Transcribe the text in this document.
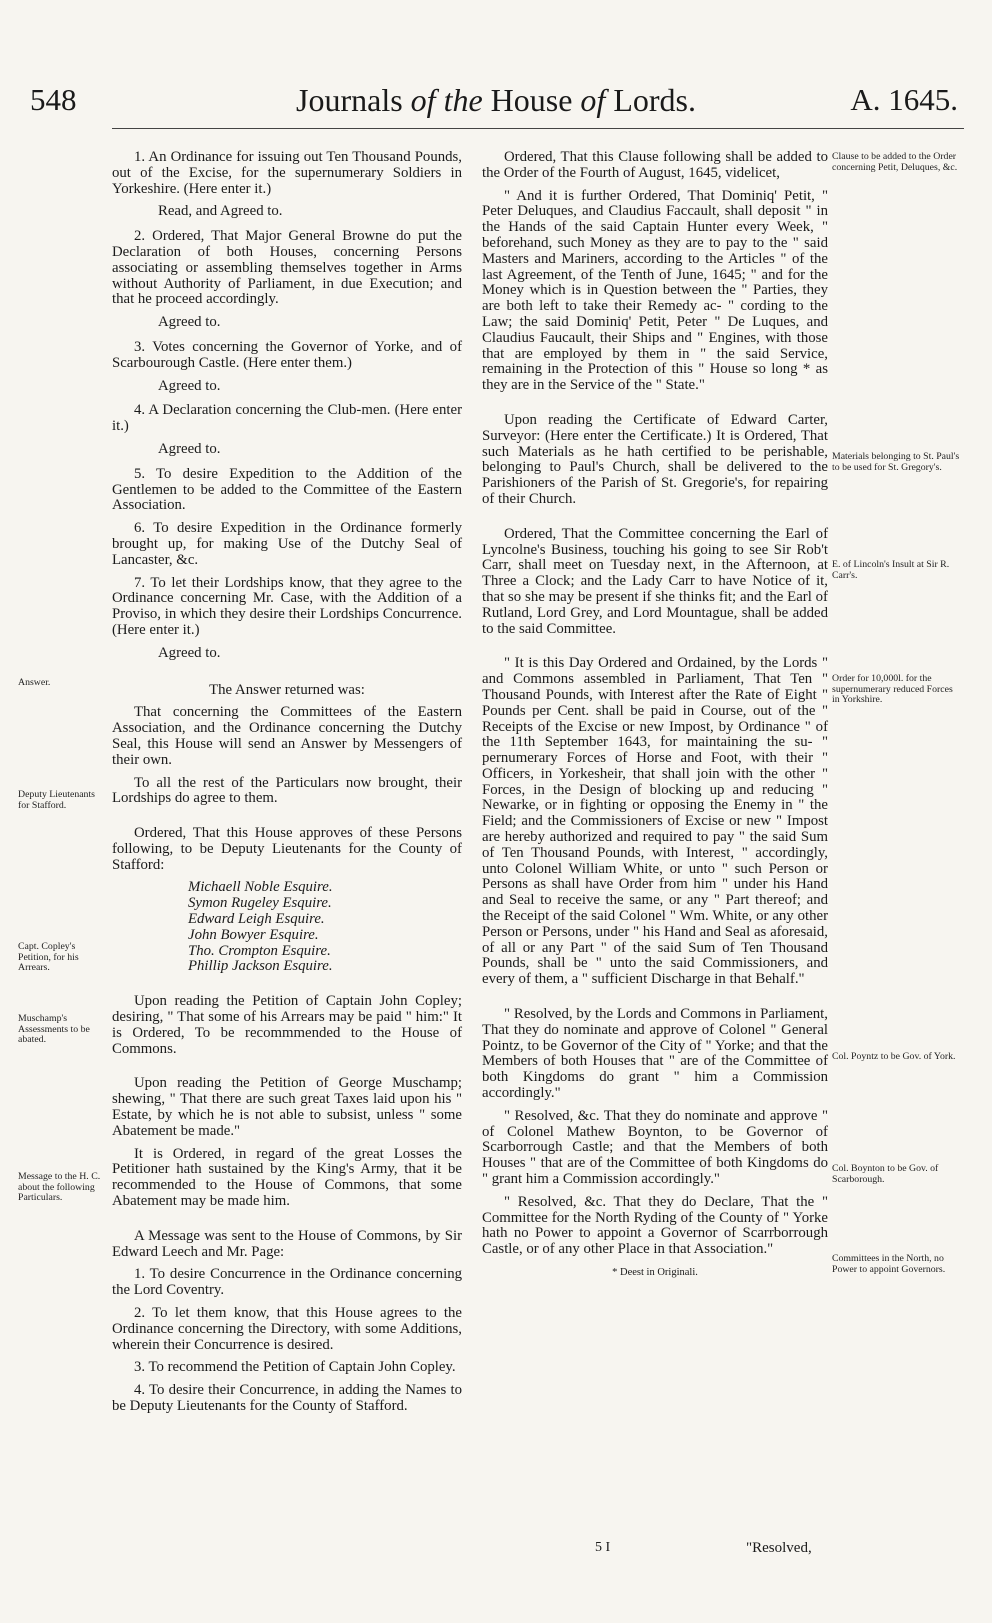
548	Journals of the House of Lords.	A. 1645.

1. An Ordinance for issuing out Ten Thousand Pounds, out of the Excise, for the supernumerary Soldiers in Yorkeshire. (Here enter it.)

Read, and Agreed to.

2. Ordered, That Major General Browne do put the Declaration of both Houses, concerning Persons associating or assembling themselves together in Arms without Authority of Parliament, in due Execution; and that he proceed accordingly.

Agreed to.

3. Votes concerning the Governor of Yorke, and of Scarbourough Castle. (Here enter them.)

Agreed to.

4. A Declaration concerning the Club-men. (Here enter it.)

Agreed to.

5. To desire Expedition to the Addition of the Gentlemen to be added to the Committee of the Eastern Association.

6. To desire Expedition in the Ordinance formerly brought up, for making Use of the Dutchy Seal of Lancaster, &c.

7. To let their Lordships know, that they agree to the Ordinance concerning Mr. Case, with the Addition of a Proviso, in which they desire their Lordships Concurrence. (Here enter it.)

Agreed to.

The Answer returned was:

That concerning the Committees of the Eastern Association, and the Ordinance concerning the Dutchy Seal, this House will send an Answer by Messengers of their own.

To all the rest of the Particulars now brought, their Lordships do agree to them.

Ordered, That this House approves of these Persons following, to be Deputy Lieutenants for the County of Stafford:

Michaell Noble Esquire.
Symon Rugeley Esquire.
Edward Leigh Esquire.
John Bowyer Esquire.
Tho. Crompton Esquire.
Phillip Jackson Esquire.

Upon reading the Petition of Captain John Copley; desiring, " That some of his Arrears may be paid " him:" It is Ordered, To be recommmended to the House of Commons.

Upon reading the Petition of George Muschamp; shewing, " That there are such great Taxes laid upon his " Estate, by which he is not able to subsist, unless " some Abatement be made."

It is Ordered, in regard of the great Losses the Petitioner hath sustained by the King's Army, that it be recommended to the House of Commons, that some Abatement may be made him.

A Message was sent to the House of Commons, by Sir Edward Leech and Mr. Page:

1. To desire Concurrence in the Ordinance concerning the Lord Coventry.

2. To let them know, that this House agrees to the Ordinance concerning the Directory, with some Additions, wherein their Concurrence is desired.

3. To recommend the Petition of Captain John Copley.

4. To desire their Concurrence, in adding the Names to be Deputy Lieutenants for the County of Stafford.

Ordered, That this Clause following shall be added to the Order of the Fourth of August, 1645, videlicet,

" And it is further Ordered, That Dominiq' Petit, " Peter Deluques, and Claudius Faccault, shall deposit " in the Hands of the said Captain Hunter every Week, " beforehand, such Money as they are to pay to the " said Masters and Mariners, according to the Articles " of the last Agreement, of the Tenth of June, 1645; " and for the Money which is in Question between the " Parties, they are both left to take their Remedy ac- " cording to the Law; the said Dominiq' Petit, Peter " De Luques, and Claudius Faucault, their Ships and " Engines, with those that are employed by them in " the said Service, remaining in the Protection of this " House so long * as they are in the Service of the " State."

Upon reading the Certificate of Edward Carter, Surveyor: (Here enter the Certificate.) It is Ordered, That such Materials as he hath certified to be perishable, belonging to Paul's Church, shall be delivered to the Parishioners of the Parish of St. Gregorie's, for repairing of their Church.

Ordered, That the Committee concerning the Earl of Lyncolne's Business, touching his going to see Sir Rob't Carr, shall meet on Tuesday next, in the Afternoon, at Three a Clock; and the Lady Carr to have Notice of it, that so she may be present if she thinks fit; and the Earl of Rutland, Lord Grey, and Lord Mountague, shall be added to the said Committee.

" It is this Day Ordered and Ordained, by the Lords " and Commons assembled in Parliament, That Ten " Thousand Pounds, with Interest after the Rate of Eight " Pounds per Cent. shall be paid in Course, out of the " Receipts of the Excise or new Impost, by Ordinance " of the 11th September 1643, for maintaining the su- " pernumerary Forces of Horse and Foot, with their " Officers, in Yorkesheir, that shall join with the other " Forces, in the Design of blocking up and reducing " Newarke, or in fighting or opposing the Enemy in " the Field; and the Commissioners of Excise or new " Impost are hereby authorized and required to pay " the said Sum of Ten Thousand Pounds, with Interest, " accordingly, unto Colonel William White, or unto " such Person or Persons as shall have Order from him " under his Hand and Seal to receive the same, or any " Part thereof; and the Receipt of the said Colonel " Wm. White, or any other Person or Persons, under " his Hand and Seal as aforesaid, of all or any Part " of the said Sum of Ten Thousand Pounds, shall be " unto the said Commissioners, and every of them, a " sufficient Discharge in that Behalf."

" Resolved, by the Lords and Commons in Parliament, That they do nominate and approve of Colonel " General Pointz, to be Governor of the City of " Yorke; and that the Members of both Houses that " are of the Committee of both Kingdoms do grant " him a Commission accordingly."

" Resolved, &c. That they do nominate and approve " of Colonel Mathew Boynton, to be Governor of Scarborrough Castle; and that the Members of both Houses " that are of the Committee of both Kingdoms do " grant him a Commission accordingly."

" Resolved, &c. That they do Declare, That the " Committee for the North Ryding of the County of " Yorke hath no Power to appoint a Governor of Scarrborrough Castle, or of any other Place in that Association."

* Deest in Originali.

Answer.
Deputy Lieutenants for Stafford.
Capt. Copley's Petition, for his Arrears.
Muschamp's Assessments to be abated.
Message to the H. C. about the following Particulars.
Clause to be added to the Order concerning Petit, Deluques, &c.
Materials belonging to St. Paul's to be used for St. Gregory's.
E. of Lincoln's Insult at Sir R. Carr's.
Order for 10,000l. for the supernumerary reduced Forces in Yorkshire.
Col. Poyntz to be Gov. of York.
Col. Boynton to be Gov. of Scarborough.
Committees in the North, no Power to appoint Governors.
5 I	"Resolved,
